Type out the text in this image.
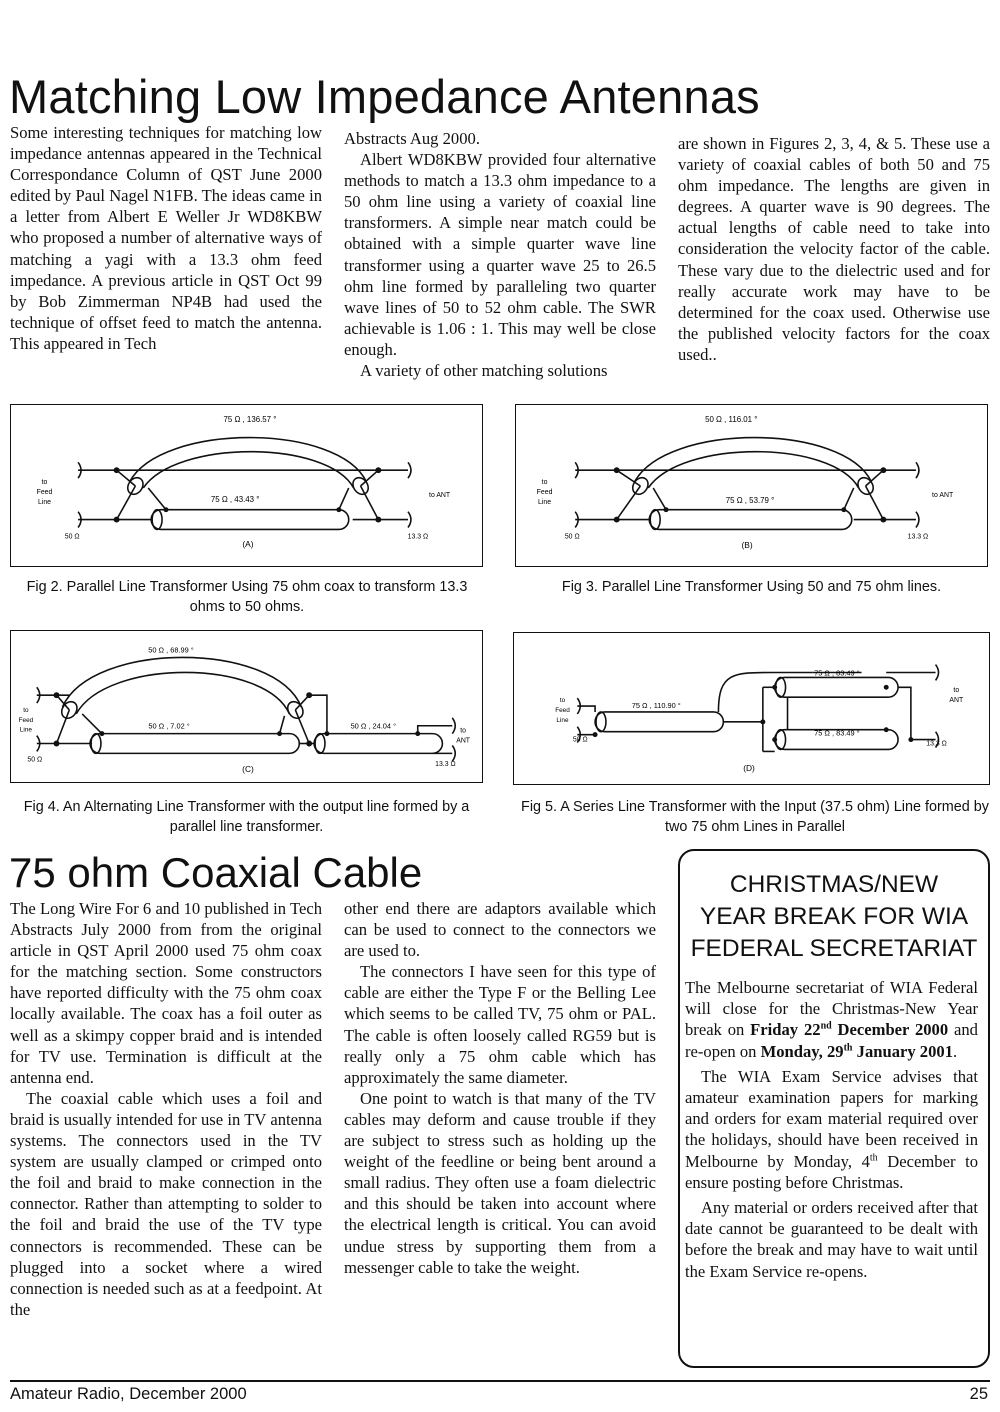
Matching Low Impedance Antennas

Some interesting techniques for matching low impedance antennas appeared in the Technical Correspondance Column of QST June 2000 edited by Paul Nagel N1FB. The ideas came in a letter from Albert E Weller Jr WD8KBW who proposed a number of alternative ways of matching a yagi with a 13.3 ohm feed impedance. A previous article in QST Oct 99 by Bob Zimmerman NP4B had used the technique of offset feed to match the antenna. This appeared in Tech

Abstracts Aug 2000.

Albert WD8KBW provided four alternative methods to match a 13.3 ohm impedance to a 50 ohm line using a variety of coaxial line transformers. A simple near match could be obtained with a simple quarter wave line transformer using a quarter wave 25 to 26.5 ohm line formed by paralleling two quarter wave lines of 50 to 52 ohm cable. The SWR achievable is 1.06 : 1. This may well be close enough.

A variety of other matching solutions

are shown in Figures 2, 3, 4, & 5. These use a variety of coaxial cables of both 50 and 75 ohm impedance. The lengths are given in degrees. A quarter wave is 90 degrees. The actual lengths of cable need to take into consideration the velocity factor of the cable. These vary due to the dielectric used and for really accurate work may have to be determined for the coax used. Otherwise use the published velocity factors for the coax used..

75 Ω , 136.57 °
75 Ω , 43.43 °
to
Feed
Line
50 Ω	13.3 Ω
to ANT
(A)
Fig 2. Parallel Line Transformer Using 75 ohm coax to transform 13.3 ohms to 50 ohms.
50 Ω , 116.01 °
75 Ω , 53.79 °
to
Feed
Line
50 Ω	13.3 Ω
to ANT
(B)
Fig 3. Parallel Line Transformer Using 50 and 75 ohm lines.
50 Ω , 68.99 °
50 Ω , 7.02 °	50 Ω , 24.04 °
to
Feed
Line
50 Ω
13.3 Ω
to
ANT
(C)
Fig 4. An Alternating Line Transformer with the output line formed by a parallel line transformer.
75 Ω , 110.90 °
75 Ω , 83.49 °
75 Ω , 83.49 °
to
Feed
Line
50 Ω
13.3 Ω
to
ANT
(D)
Fig 5. A Series Line Transformer with the Input (37.5 ohm) Line formed by two 75 ohm Lines in Parallel
75 ohm Coaxial Cable

The Long Wire For 6 and 10 published in Tech Abstracts July 2000 from from the original article in QST April 2000 used 75 ohm coax for the matching section. Some constructors have reported difficulty with the 75 ohm coax locally available. The coax has a foil outer as well as a skimpy copper braid and is intended for TV use. Termination is difficult at the antenna end.

The coaxial cable which uses a foil and braid is usually intended for use in TV antenna systems. The connectors used in the TV system are usually clamped or crimped onto the foil and braid to make connection in the connector. Rather than attempting to solder to the foil and braid the use of the TV type connectors is recommended. These can be plugged into a socket where a wired connection is needed such as at a feedpoint. At the

other end there are adaptors available which can be used to connect to the connectors we are used to.

The connectors I have seen for this type of cable are either the Type F or the Belling Lee which seems to be called TV, 75 ohm or PAL. The cable is often loosely called RG59 but is really only a 75 ohm cable which has approximately the same diameter.

One point to watch is that many of the TV cables may deform and cause trouble if they are subject to stress such as holding up the weight of the feedline or being bent around a small radius. They often use a foam dielectric and this should be taken into account where the electrical length is critical. You can avoid undue stress by supporting them from a messenger cable to take the weight.

CHRISTMAS/NEW
YEAR BREAK FOR WIA
FEDERAL SECRETARIAT

The Melbourne secretariat of WIA Federal will close for the Christmas-New Year break on Friday 22nd December 2000 and re-open on Monday, 29th January 2001.

The WIA Exam Service advises that amateur examination papers for marking and orders for exam material required over the holidays, should have been received in Melbourne by Monday, 4th December to ensure posting before Christmas.

Any material or orders received after that date cannot be guaranteed to be dealt with before the break and may have to wait until the Exam Service re-opens.

Amateur Radio, December 2000	25
